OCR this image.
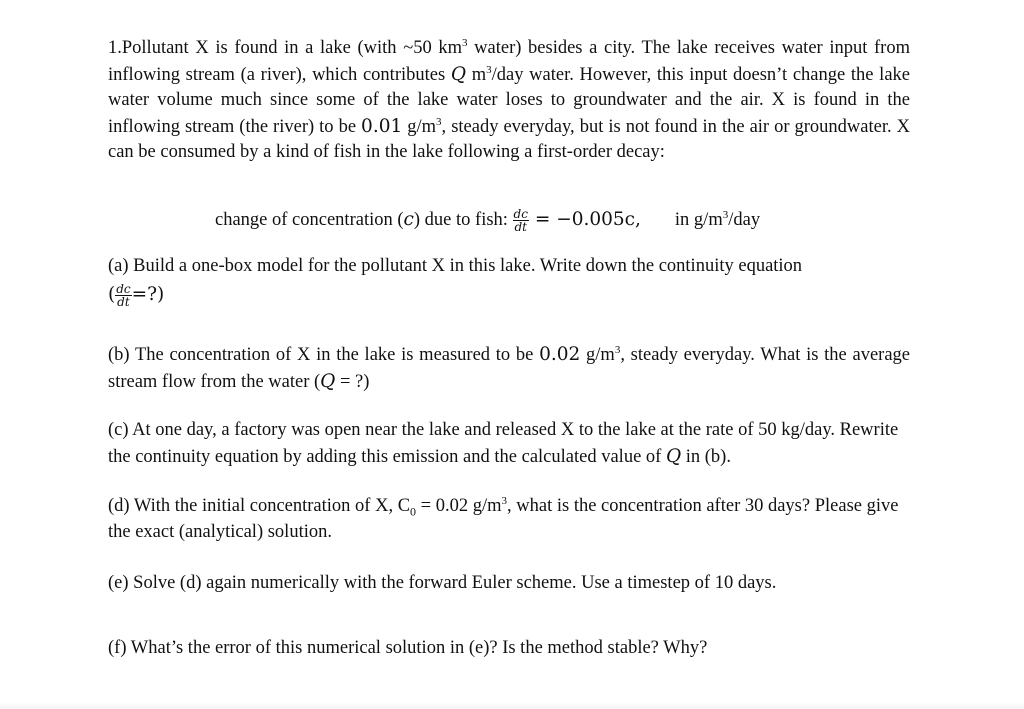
1.Pollutant X is found in a lake (with ~50 $km^3$ water) besides a city. The lake receives water input from inflowing stream (a river), which contributes Q $m^3$/day water. However, this input doesn’t change the lake water volume much since some of the lake water loses to groundwater and the air. X is found in the inflowing stream (the river) to be 0.01 $g/m^3$, steady everyday, but is not found in the air or groundwater. X can be consumed by a kind of fish in the lake following a first-order decay:

change of concentration (c) due to fish: $\frac{dc}{dt} = -0.005c$, in $g/m^3$/day
(a) Build a one-box model for the pollutant X in this lake. Write down the continuity equation
( $\frac{dc}{dt}$ =?)

(b) The concentration of X in the lake is measured to be 0.02 $g/m^3$, steady everyday. What is the average stream flow from the water (Q = ?)

(c) At one day, a factory was open near the lake and released X to the lake at the rate of 50 kg/day. Rewrite the continuity equation by adding this emission and the calculated value of Q in (b).

(d) With the initial concentration of X, $C_0 = 0.02$ $g/m^3$, what is the concentration after 30 days? Please give the exact (analytical) solution.

(e) Solve (d) again numerically with the forward Euler scheme. Use a timestep of 10 days.

(f) What’s the error of this numerical solution in (e)? Is the method stable? Why?
